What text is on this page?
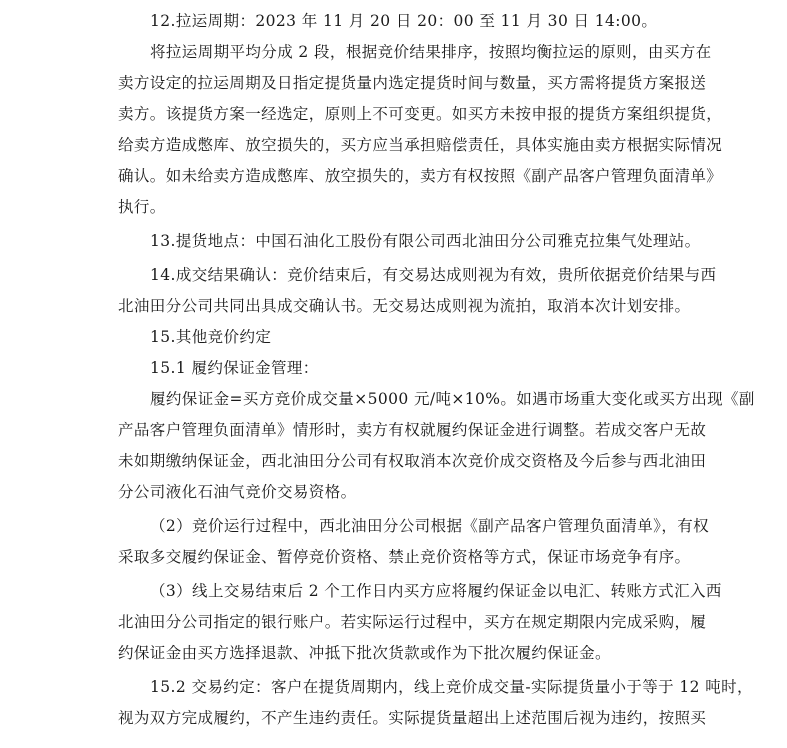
12.拉运周期：2023 年 11 月 20 日 20：00 至 11 月 30 日 14:00。
将拉运周期平均分成 2 段，根据竞价结果排序，按照均衡拉运的原则，由买方在
卖方设定的拉运周期及日指定提货量内选定提货时间与数量，买方需将提货方案报送
卖方。该提货方案一经选定，原则上不可变更。如买方未按申报的提货方案组织提货，
给卖方造成憋库、放空损失的，买方应当承担赔偿责任，具体实施由卖方根据实际情况
确认。如未给卖方造成憋库、放空损失的，卖方有权按照《副产品客户管理负面清单》
执行。
13.提货地点：中国石油化工股份有限公司西北油田分公司雅克拉集气处理站。
14.成交结果确认：竞价结束后，有交易达成则视为有效，贵所依据竞价结果与西
北油田分公司共同出具成交确认书。无交易达成则视为流拍，取消本次计划安排。
15.其他竞价约定
15.1 履约保证金管理：
履约保证金=买方竞价成交量×5000 元/吨×10%。如遇市场重大变化或买方出现《副
产品客户管理负面清单》情形时，卖方有权就履约保证金进行调整。若成交客户无故
未如期缴纳保证金，西北油田分公司有权取消本次竞价成交资格及今后参与西北油田
分公司液化石油气竞价交易资格。
（2）竞价运行过程中，西北油田分公司根据《副产品客户管理负面清单》，有权
采取多交履约保证金、暂停竞价资格、禁止竞价资格等方式，保证市场竞争有序。
（3）线上交易结束后 2 个工作日内买方应将履约保证金以电汇、转账方式汇入西
北油田分公司指定的银行账户。若实际运行过程中，买方在规定期限内完成采购，履
约保证金由买方选择退款、冲抵下批次货款或作为下批次履约保证金。
15.2 交易约定：客户在提货周期内，线上竞价成交量-实际提货量小于等于 12 吨时，
视为双方完成履约，不产生违约责任。实际提货量超出上述范围后视为违约，按照买
